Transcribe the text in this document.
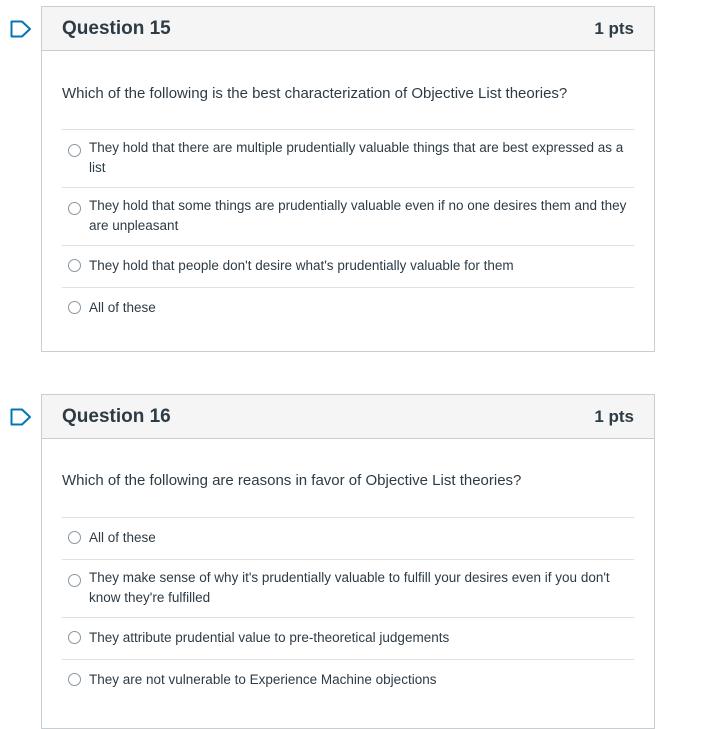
Question 15	1 pts
Which of the following is the best characterization of Objective List theories?
They hold that there are multiple prudentially valuable things that are best expressed as a list
They hold that some things are prudentially valuable even if no one desires them and they are unpleasant
They hold that people don't desire what's prudentially valuable for them
All of these
Question 16	1 pts
Which of the following are reasons in favor of Objective List theories?
All of these
They make sense of why it's prudentially valuable to fulfill your desires even if you don't know they're fulfilled
They attribute prudential value to pre-theoretical judgements
They are not vulnerable to Experience Machine objections
